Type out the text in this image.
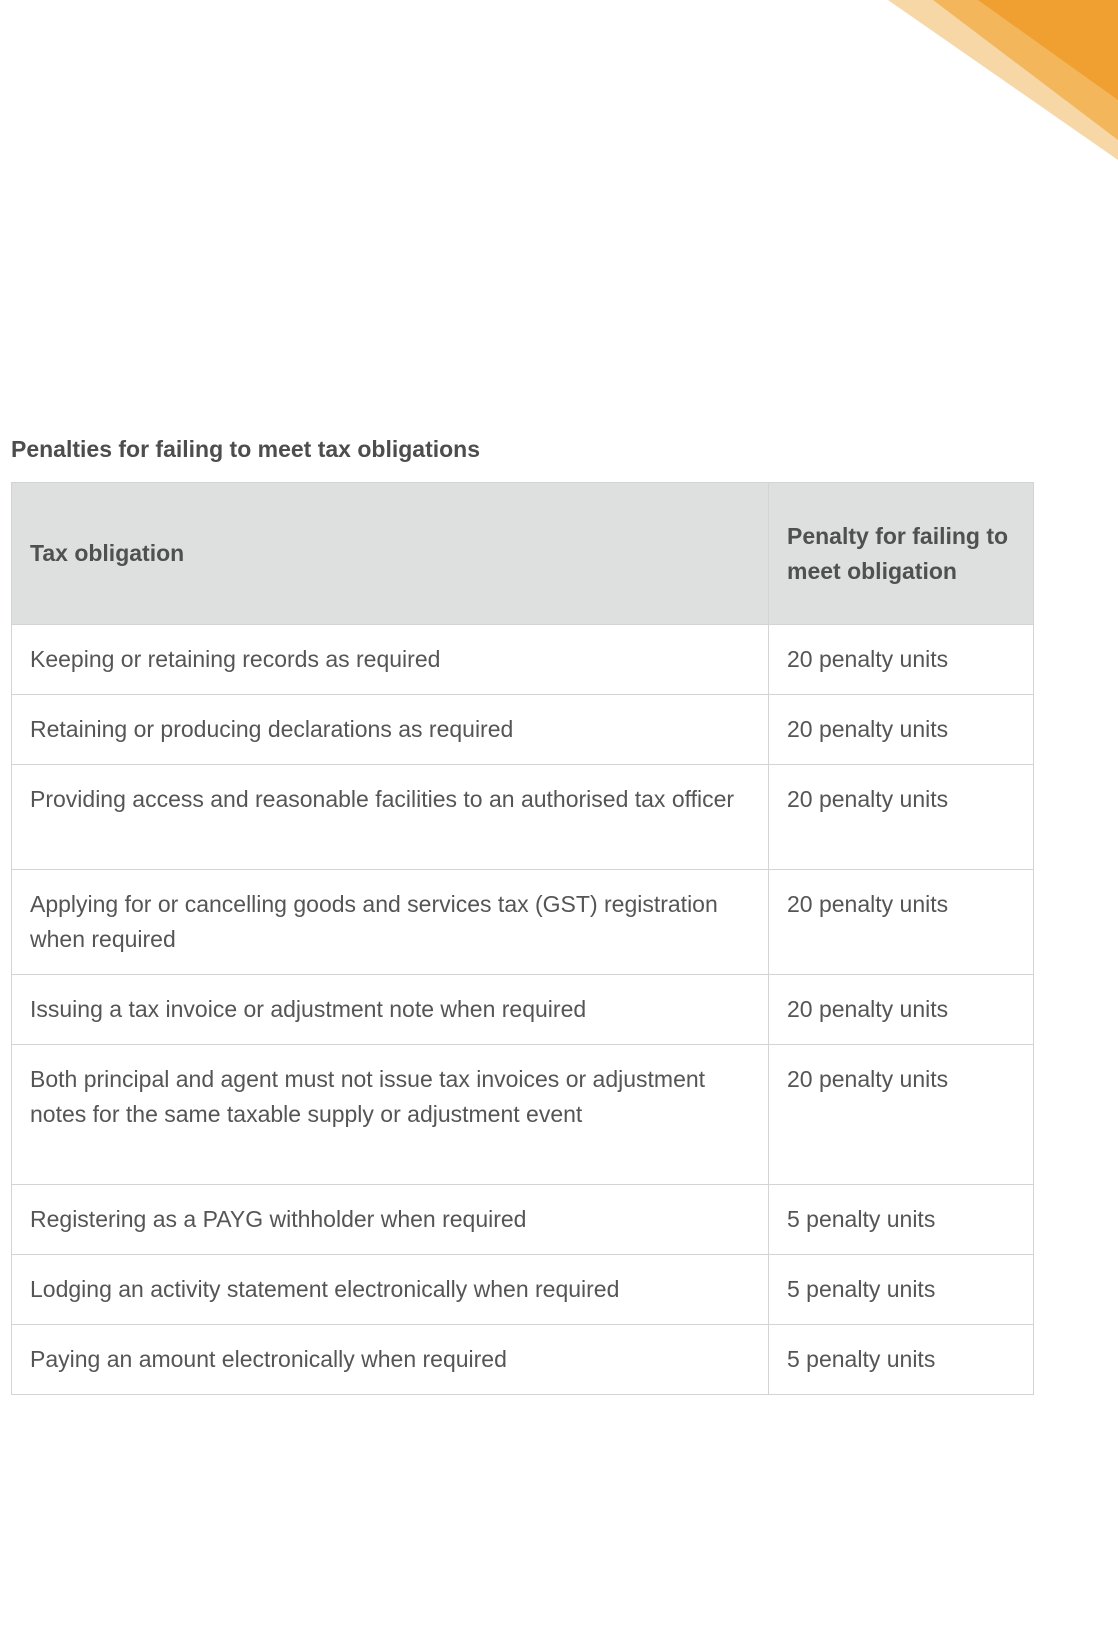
Penalties for failing to meet tax obligations
Tax obligation	Penalty for failing to meet obligation
Keeping or retaining records as required	20 penalty units
Retaining or producing declarations as required	20 penalty units
Providing access and reasonable facilities to an authorised tax officer	20 penalty units
Applying for or cancelling goods and services tax (GST) registration when required	20 penalty units
Issuing a tax invoice or adjustment note when required	20 penalty units
Both principal and agent must not issue tax invoices or adjustment notes for the same taxable supply or adjustment event	20 penalty units
Registering as a PAYG withholder when required	5 penalty units
Lodging an activity statement electronically when required	5 penalty units
Paying an amount electronically when required	5 penalty units
